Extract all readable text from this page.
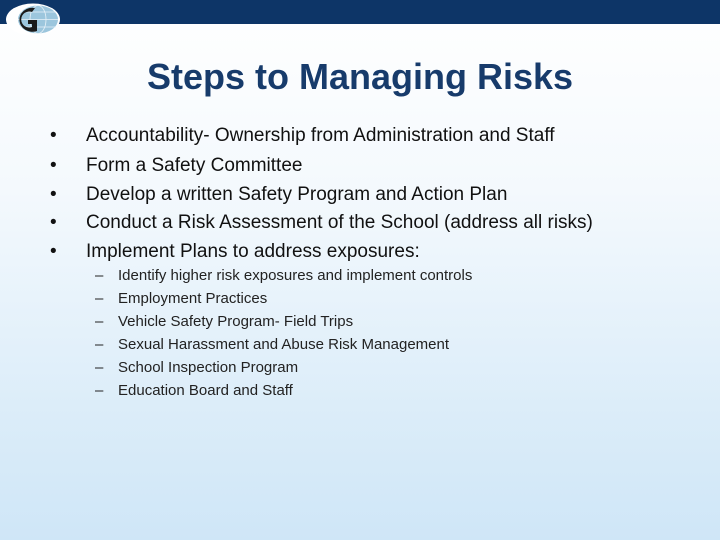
Steps to Managing Risks
• Accountability- Ownership from Administration and Staff
• Form a Safety Committee
• Develop a written Safety Program and Action Plan
• Conduct a Risk Assessment of the School (address all risks)
• Implement Plans to address exposures:
– Identify higher risk exposures and implement controls
– Employment Practices
– Vehicle Safety Program- Field Trips
– Sexual Harassment and Abuse Risk Management
– School Inspection Program
– Education Board and Staff
